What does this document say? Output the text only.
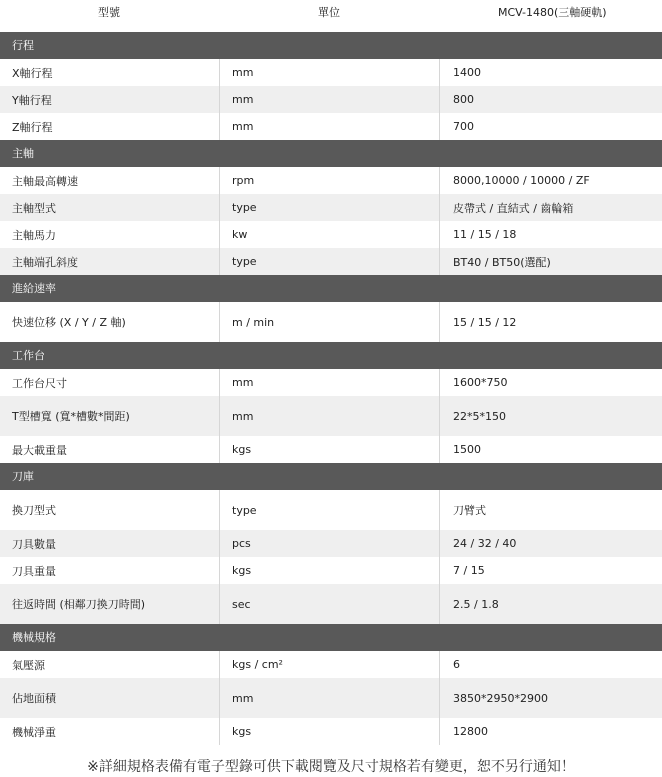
型號	單位	MCV-1480(三軸硬軌)
行程
X軸行程	mm	1400
Y軸行程	mm	800
Z軸行程	mm	700
主軸
主軸最高轉速	rpm	8000,10000 / 10000 / ZF
主軸型式	type	皮帶式 / 直結式 / 齒輪箱
主軸馬力	kw	11 / 15 / 18
主軸端孔斜度	type	BT40 / BT50(選配)
進給速率
快速位移 (X / Y / Z 軸)	m / min	15 / 15 / 12
工作台
工作台尺寸	mm	1600*750
T型槽寬 (寬*槽數*間距)	mm	22*5*150
最大載重量	kgs	1500
刀庫
換刀型式	type	刀臂式
刀具數量	pcs	24 / 32 / 40
刀具重量	kgs	7 / 15
往返時間 (相鄰刀換刀時間)	sec	2.5 / 1.8
機械規格
氣壓源	kgs / cm²	6
佔地面積	mm	3850*2950*2900
機械淨重	kgs	12800
※詳細規格表備有電子型錄可供下載閱覽及尺寸規格若有變更，恕不另行通知！
